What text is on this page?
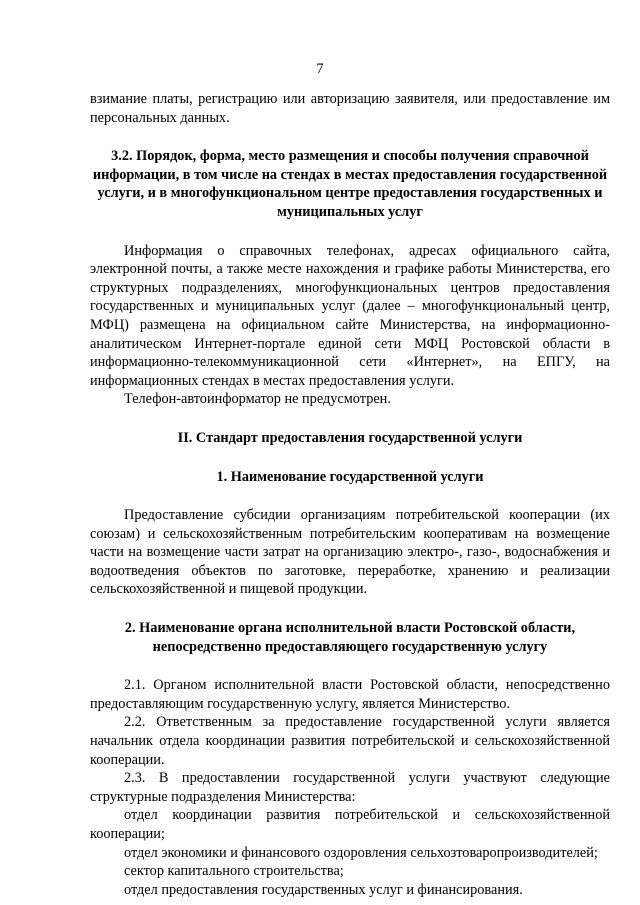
7

взимание платы, регистрацию или авторизацию заявителя, или предоставление им персональных данных.

3.2. Порядок, форма, место размещения и способы получения справочной информации, в том числе на стендах в местах предоставления государственной услуги, и в многофункциональном центре предоставления государственных и муниципальных услуг

Информация о справочных телефонах, адресах официального сайта, электронной почты, а также месте нахождения и графике работы Министерства, его структурных подразделениях, многофункциональных центров предоставления государственных и муниципальных услуг (далее – многофункциональный центр, МФЦ) размещена на официальном сайте Министерства, на информационно-аналитическом Интернет-портале единой сети МФЦ Ростовской области в информационно-телекоммуникационной сети «Интернет», на ЕПГУ, на информационных стендах в местах предоставления услуги.

Телефон-автоинформатор не предусмотрен.

II. Стандарт предоставления государственной услуги
1. Наименование государственной услуги

Предоставление субсидии организациям потребительской кооперации (их союзам) и сельскохозяйственным потребительским кооперативам на возмещение части на возмещение части затрат на организацию электро-, газо-, водоснабжения и водоотведения объектов по заготовке, переработке, хранению и реализации сельскохозяйственной и пищевой продукции.

2. Наименование органа исполнительной власти Ростовской области, непосредственно предоставляющего государственную услугу

2.1. Органом исполнительной власти Ростовской области, непосредственно предоставляющим государственную услугу, является Министерство.

2.2. Ответственным за предоставление государственной услуги является начальник отдела координации развития потребительской и сельскохозяйственной кооперации.

2.3. В предоставлении государственной услуги участвуют следующие структурные подразделения Министерства:

отдел координации развития потребительской и сельскохозяйственной кооперации;

отдел экономики и финансового оздоровления сельхозтоваропроизводителей;

сектор капитального строительства;

отдел предоставления государственных услуг и финансирования.
